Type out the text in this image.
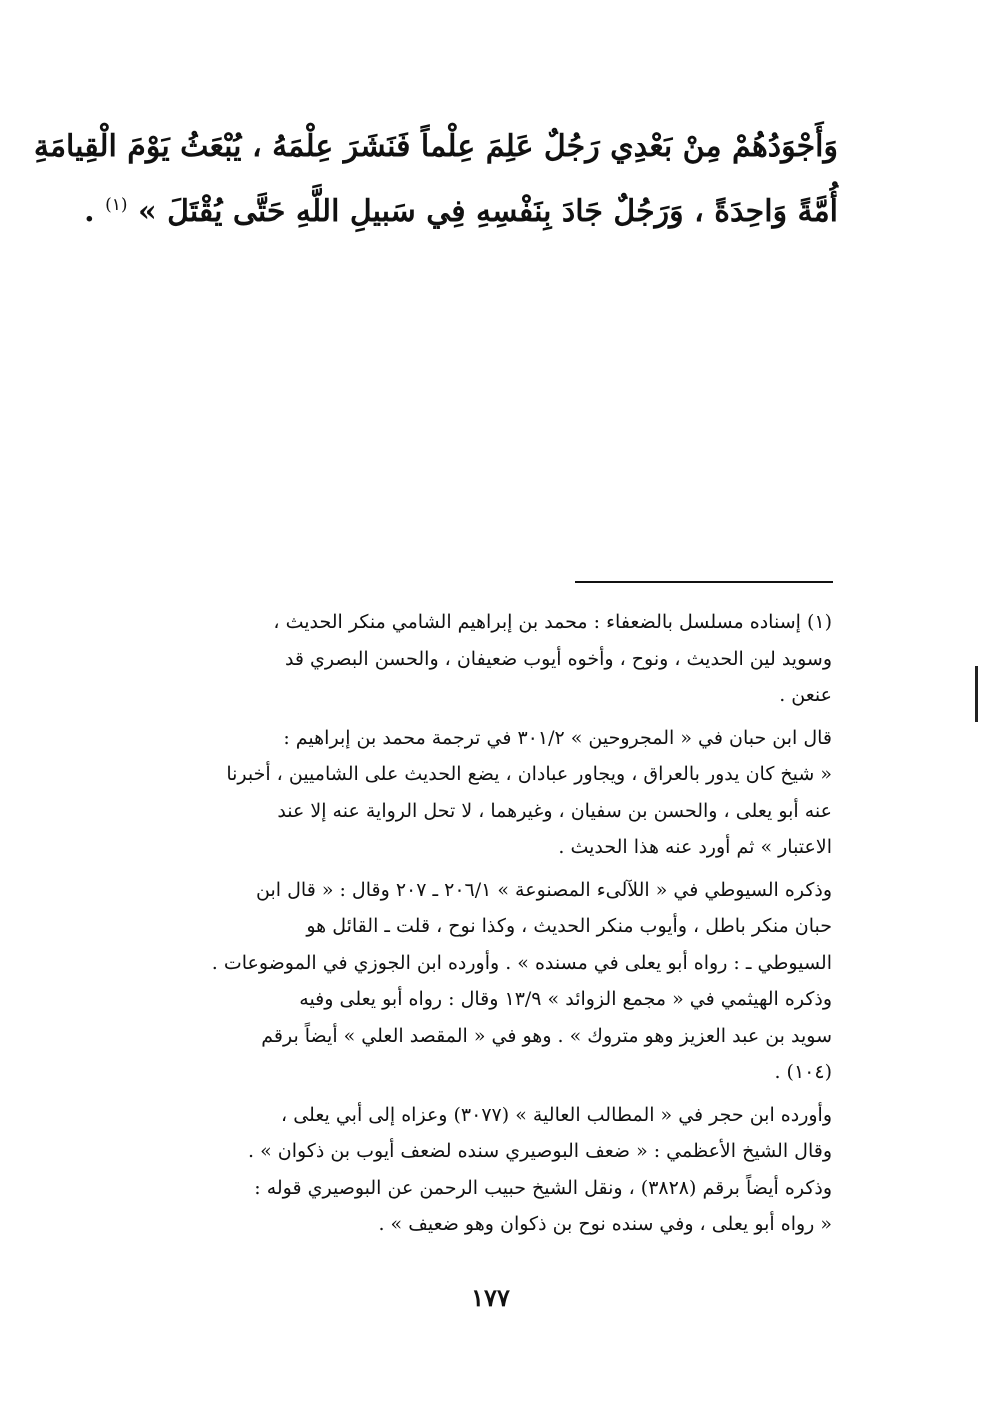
وَأَجْوَدُهُمْ مِنْ بَعْدِي رَجُلٌ عَلِمَ عِلْماً فَنَشَرَ عِلْمَهُ ، يُبْعَثُ يَوْمَ الْقِيامَةِ
أُمَّةً وَاحِدَةً ، وَرَجُلٌ جَادَ بِنَفْسِهِ فِي سَبيلِ اللَّهِ حَتَّى يُقْتَلَ » $^{(١)}$ .
(١) إسناده مسلسل بالضعفاء : محمد بن إبراهيم الشامي منكر الحديث ،
وسويد لين الحديث ، ونوح ، وأخوه أيوب ضعيفان ، والحسن البصري قد
عنعن .
قال ابن حبان في « المجروحين » ٣٠١/٢ في ترجمة محمد بن إبراهيم :
« شيخ كان يدور بالعراق ، ويجاور عبادان ، يضع الحديث على الشاميين ، أخبرنا
عنه أبو يعلى ، والحسن بن سفيان ، وغيرهما ، لا تحل الرواية عنه إلا عند
الاعتبار » ثم أورد عنه هذا الحديث .
وذكره السيوطي في « اللآلىء المصنوعة » ٢٠٦/١ ـ ٢٠٧ وقال : « قال ابن
حبان منكر باطل ، وأيوب منكر الحديث ، وكذا نوح ، قلت ـ القائل هو
السيوطي ـ : رواه أبو يعلى في مسنده » . وأورده ابن الجوزي في الموضوعات .
وذكره الهيثمي في « مجمع الزوائد » ١٣/٩ وقال : رواه أبو يعلى وفيه
سويد بن عبد العزيز وهو متروك » . وهو في « المقصد العلي » أيضاً برقم
(١٠٤) .
وأورده ابن حجر في « المطالب العالية » (٣٠٧٧) وعزاه إلى أبي يعلى ،
وقال الشيخ الأعظمي : « ضعف البوصيري سنده لضعف أيوب بن ذكوان » .
وذكره أيضاً برقم (٣٨٢٨) ، ونقل الشيخ حبيب الرحمن عن البوصيري قوله :
« رواه أبو يعلى ، وفي سنده نوح بن ذكوان وهو ضعيف » .
١٧٧
